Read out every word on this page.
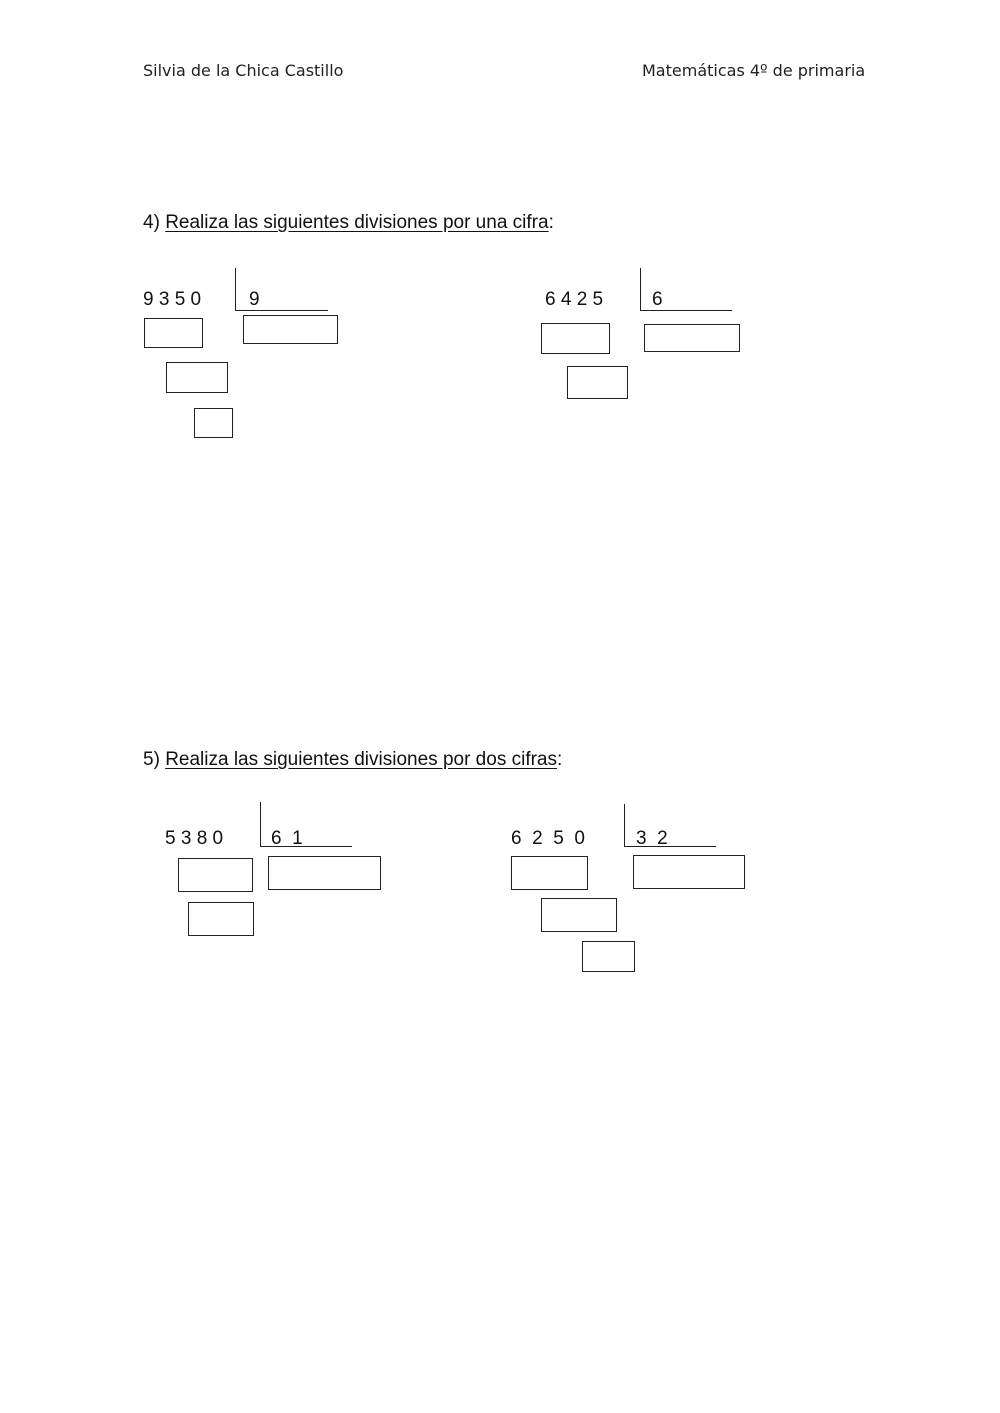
Silvia de la Chica Castillo	Matemáticas 4º de primaria
4) Realiza las siguientes divisiones por una cifra:
9 3 5 0	9	6 4 2 5	6
5) Realiza las siguientes divisiones por dos cifras:
5 3 8 0	6  1	6  2  5  0	3  2
